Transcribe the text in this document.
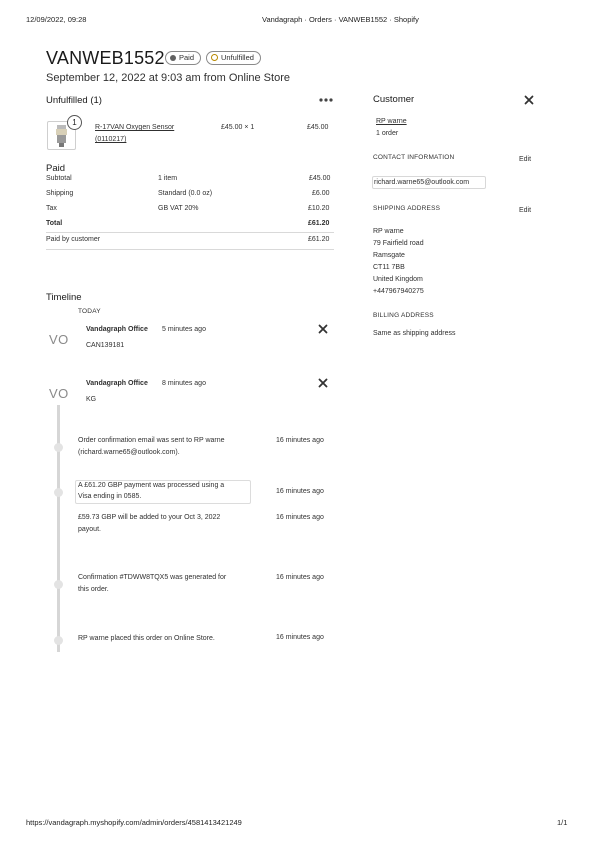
12/09/2022, 09:28	Vandagraph · Orders · VANWEB1552 · Shopify
VANWEB1552	Paid	Unfulfilled
September 12, 2022 at 9:03 am from Online Store
Unfulfilled (1)
1
R-17VAN Oxygen Sensor
(0110217)
£45.00 × 1	£45.00
Paid
Subtotal	1 item	£45.00
Shipping	Standard (0.0 oz)	£6.00
Tax	GB VAT 20%	£10.20
Total	£61.20
Paid by customer	£61.20
Timeline
TODAY
VO
Vandagraph Office 5 minutes ago
CAN139181
VO
Vandagraph Office 8 minutes ago
KG
Order confirmation email was sent to RP warne
(richard.warne65@outlook.com).
16 minutes ago
A £61.20 GBP payment was processed using a
Visa ending in 0585.
16 minutes ago
£59.73 GBP will be added to your Oct 3, 2022
payout.
16 minutes ago
Confirmation #TDWW8TQX5 was generated for
this order.
16 minutes ago
RP warne placed this order on Online Store.	16 minutes ago
Customer
RP warne
1 order
CONTACT INFORMATION	Edit
richard.warne65@outlook.com
SHIPPING ADDRESS	Edit
RP warne
79 Fairfield road
Ramsgate
CT11 7BB
United Kingdom
+447967940275
BILLING ADDRESS
Same as shipping address
https://vandagraph.myshopify.com/admin/orders/4581413421249	1/1
